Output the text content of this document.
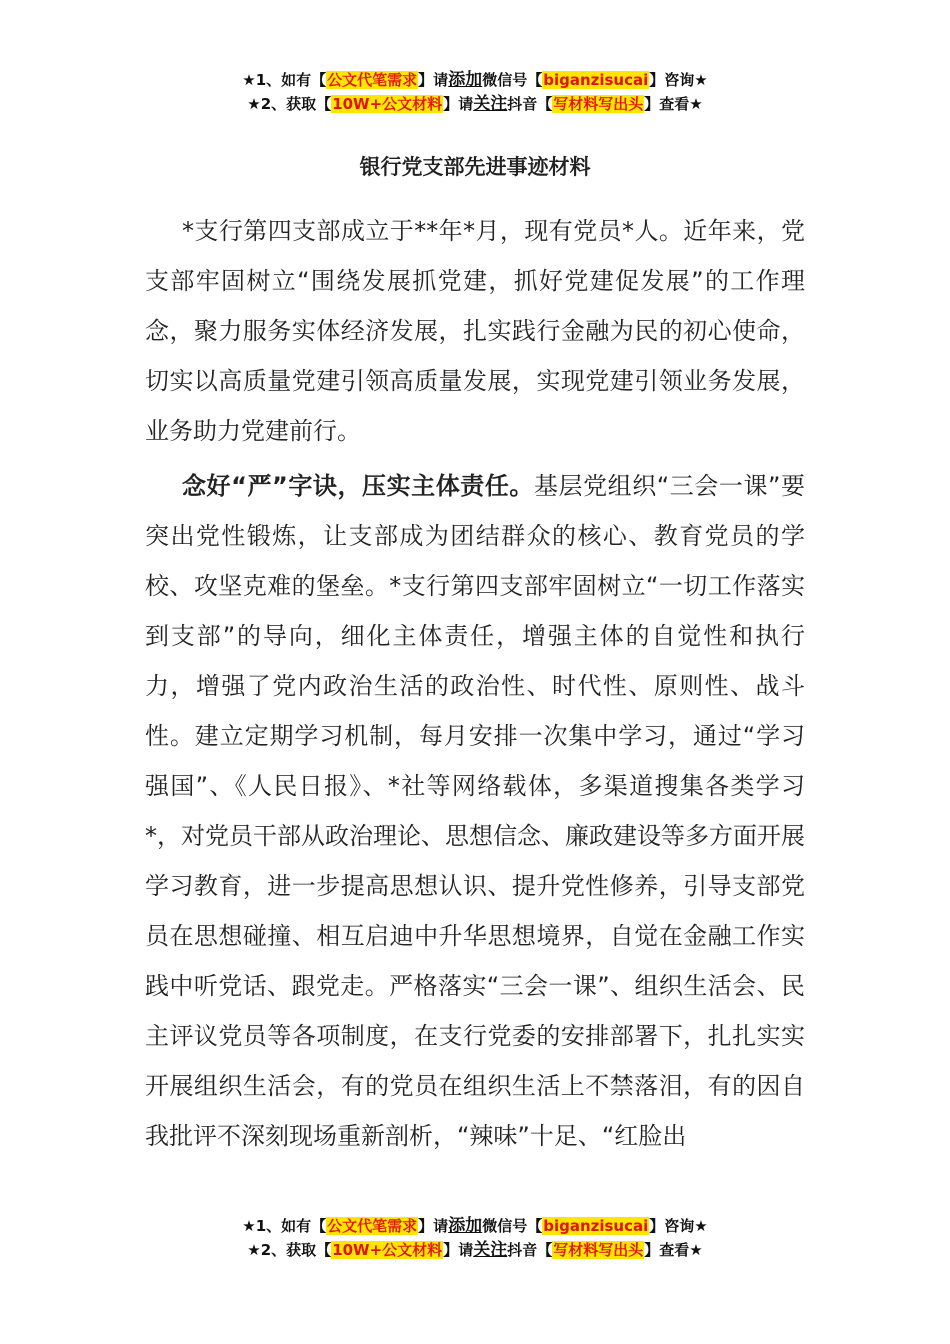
★1、如有【公文代笔需求】请添加微信号【biganzisucai】咨询★
★2、获取【10W+公文材料】请关注抖音【写材料写出头】查看★
银行党支部先进事迹材料

*支行第四支部成立于**年*月，现有党员*人。近年来，党支部牢固树立“围绕发展抓党建，抓好党建促发展”的工作理念，聚力服务实体经济发展，扎实践行金融为民的初心使命，切实以高质量党建引领高质量发展，实现党建引领业务发展，业务助力党建前行。

念好“严”字诀，压实主体责任。基层党组织“三会一课”要突出党性锻炼，让支部成为团结群众的核心、教育党员的学校、攻坚克难的堡垒。*支行第四支部牢固树立“一切工作落实到支部”的导向，细化主体责任，增强主体的自觉性和执行力，增强了党内政治生活的政治性、时代性、原则性、战斗性。建立定期学习机制，每月安排一次集中学习，通过“学习强国”、《人民日报》、*社等网络载体，多渠道搜集各类学习*，对党员干部从政治理论、思想信念、廉政建设等多方面开展学习教育，进一步提高思想认识、提升党性修养，引导支部党员在思想碰撞、相互启迪中升华思想境界，自觉在金融工作实践中听党话、跟党走。严格落实“三会一课”、组织生活会、民主评议党员等各项制度，在支行党委的安排部署下，扎扎实实开展组织生活会，有的党员在组织生活上不禁落泪，有的因自我批评不深刻现场重新剖析，“辣味”十足、“红脸出

★1、如有【公文代笔需求】请添加微信号【biganzisucai】咨询★
★2、获取【10W+公文材料】请关注抖音【写材料写出头】查看★
